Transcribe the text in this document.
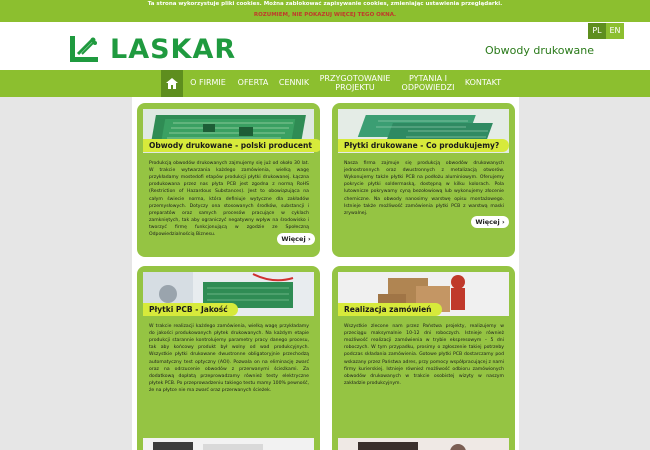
Ta strona wykorzystuje pliki cookies. Można zablokować zapisywanie cookies, zmieniając ustawienia przeglądarki.
ROZUMIEM, NIE POKAZUJ WIĘCEJ TEGO OKNA.
LASKAR	Obwody drukowane
PL EN
O FIRMIE	OFERTA	CENNIK	PRZYGOTOWANIE PROJEKTU
PYTANIA I ODPOWIEDZI	KONTAKT
Obwody drukowane - polski producent
Produkcją obwodów drukowanych zajmujemy się już od około 30 lat. W trakcie wytwarzania każdego zamówienia, wielką wagę przykładamy mostedofi etapów produkcji płytki drukowanej. Łączna produkowana przez nas płyta PCB jest zgodna z normą RoHS (Restriction of Hazardous Substances). Jest to obowiązująca na całym świecie norma, która definiuje wytyczne dla zakładów przemysłowych. Dotyczy ona stosowanych środków, substancji i preparatów oraz samych procesów pracujące w cyklach zamkniętych, tak aby ograniczyć negatywny wpływ na środowisko i tworzyć firmę funkcjonującą w zgodzie ze Społeczną Odpowiedzialnością Biznesu.
Więcej ›
Płytki drukowane - Co produkujemy?
Nasza firma zajmuje się produkcją obwodów drukowanych jednostronnych oraz dwustronnych z metalizacją otworów. Wykonujemy także płytki PCB na podłożu aluminiowym. Oferujemy pokrycie płytki soldermaską, dostępną w kilku kolorach. Pola lutownicze pokrywamy cyną bezołowiową lub wykonujemy złocenie chemiczne. Na obwody nanosimy warstwę opisu montażowego. Istnieje także możliwość zamówienia płytki PCB z warstwą maski zrywalnej.
Więcej ›
Płytki PCB - Jakość
W trakcie realizacji każdego zamówienia, wielką wagę przykładamy do jakości produkowanych płytek drukowanych. Na każdym etapie produkcji starannie kontrolujemy parametry pracy danego procesu, tak aby końcowy produkt był wolny od wad produkcyjnych. Wszystkie płytki drukowane dwustronne obligatoryjnie przechodzą automatyczny test optyczny (AOI). Pozwala on na eliminację zwarć oraz na odrzucenie obwodów z przerwanymi ścieżkami. Za dodatkową dopłatą przeprowadzamy również testy elektryczne płytek PCB. Po przeprowadzeniu takiego testu mamy 100% pewność, że na płytce nie ma zwarć oraz przerwanych ścieżek.
Realizacja zamówień
Wszystkie zlecone nam przez Państwa projekty, realizujemy w przeciągu maksymalnie 10-12 dni roboczych. Istnieje również możliwość realizacji zamówienia w trybie ekspresowym – 5 dni roboczych. W tym przypadku, prosimy o zgłoszenie takiej potrzeby podczas składania zamówienia. Gotowe płytki PCB dostarczamy pod wskazany przez Państwa adres, przy pomocy współpracującej z nami firmy kurierskiej. Istnieje również możliwość odbioru zamówionych obwodów drukowanych w trakcie osobistej wizyty w naszym zakładzie produkcyjnym.
